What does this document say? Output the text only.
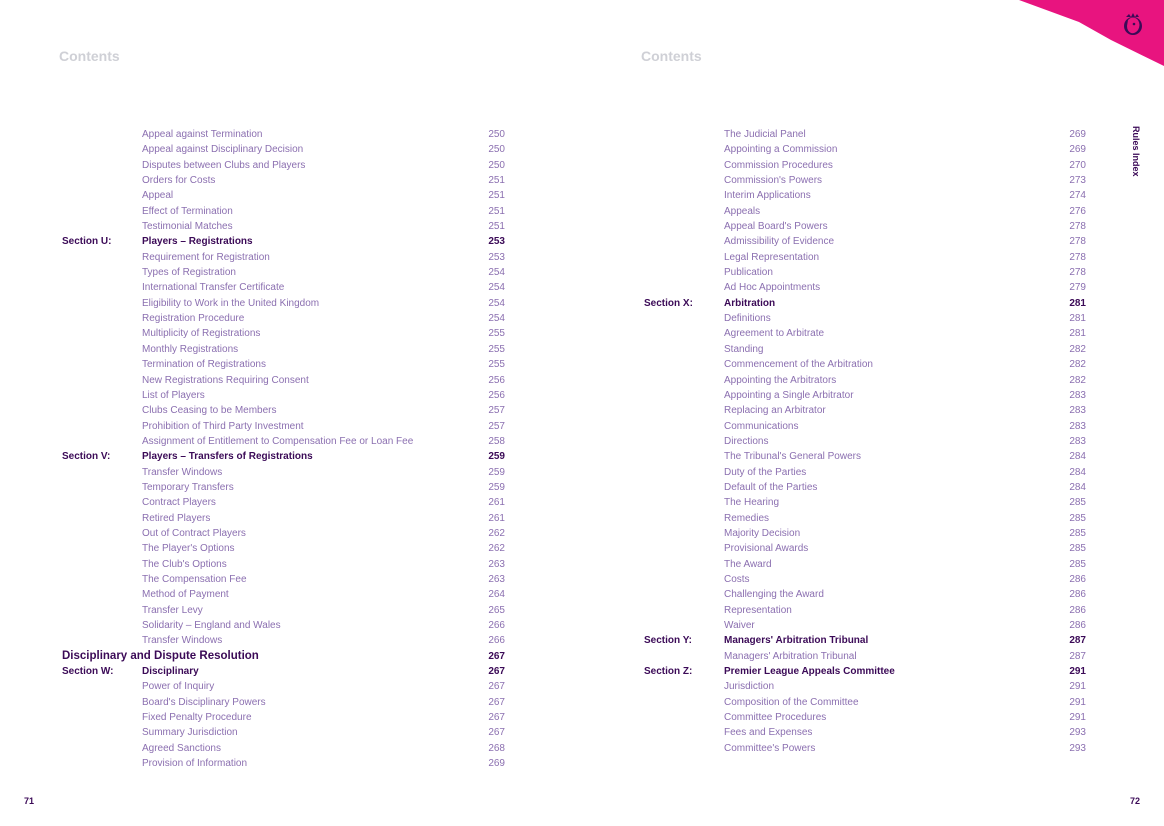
Contents
Appeal against Termination	250
Appeal against Disciplinary Decision	250
Disputes between Clubs and Players	250
Orders for Costs	251
Appeal	251
Effect of Termination	251
Testimonial Matches	251
Section U:	Players – Registrations	253
Requirement for Registration	253
Types of Registration	254
International Transfer Certificate	254
Eligibility to Work in the United Kingdom	254
Registration Procedure	254
Multiplicity of Registrations	255
Monthly Registrations	255
Termination of Registrations	255
New Registrations Requiring Consent	256
List of Players	256
Clubs Ceasing to be Members	257
Prohibition of Third Party Investment	257
Assignment of Entitlement to Compensation Fee or Loan Fee	258
Section V:	Players – Transfers of Registrations	259
Transfer Windows	259
Temporary Transfers	259
Contract Players	261
Retired Players	261
Out of Contract Players	262
The Player's Options	262
The Club's Options	263
The Compensation Fee	263
Method of Payment	264
Transfer Levy	265
Solidarity – England and Wales	266
Transfer Windows	266
Disciplinary and Dispute Resolution	267
Section W:	Disciplinary	267
Power of Inquiry	267
Board's Disciplinary Powers	267
Fixed Penalty Procedure	267
Summary Jurisdiction	267
Agreed Sanctions	268
Provision of Information	269
71
Contents
The Judicial Panel	269
Appointing a Commission	269
Commission Procedures	270
Commission's Powers	273
Interim Applications	274
Appeals	276
Appeal Board's Powers	278
Admissibility of Evidence	278
Legal Representation	278
Publication	278
Ad Hoc Appointments	279
Section X:	Arbitration	281
Definitions	281
Agreement to Arbitrate	281
Standing	282
Commencement of the Arbitration	282
Appointing the Arbitrators	282
Appointing a Single Arbitrator	283
Replacing an Arbitrator	283
Communications	283
Directions	283
The Tribunal's General Powers	284
Duty of the Parties	284
Default of the Parties	284
The Hearing	285
Remedies	285
Majority Decision	285
Provisional Awards	285
The Award	285
Costs	286
Challenging the Award	286
Representation	286
Waiver	286
Section Y:	Managers' Arbitration Tribunal	287
Managers' Arbitration Tribunal	287
Section Z:	Premier League Appeals Committee	291
Jurisdiction	291
Composition of the Committee	291
Committee Procedures	291
Fees and Expenses	293
Committee's Powers	293
72
Rules Index
